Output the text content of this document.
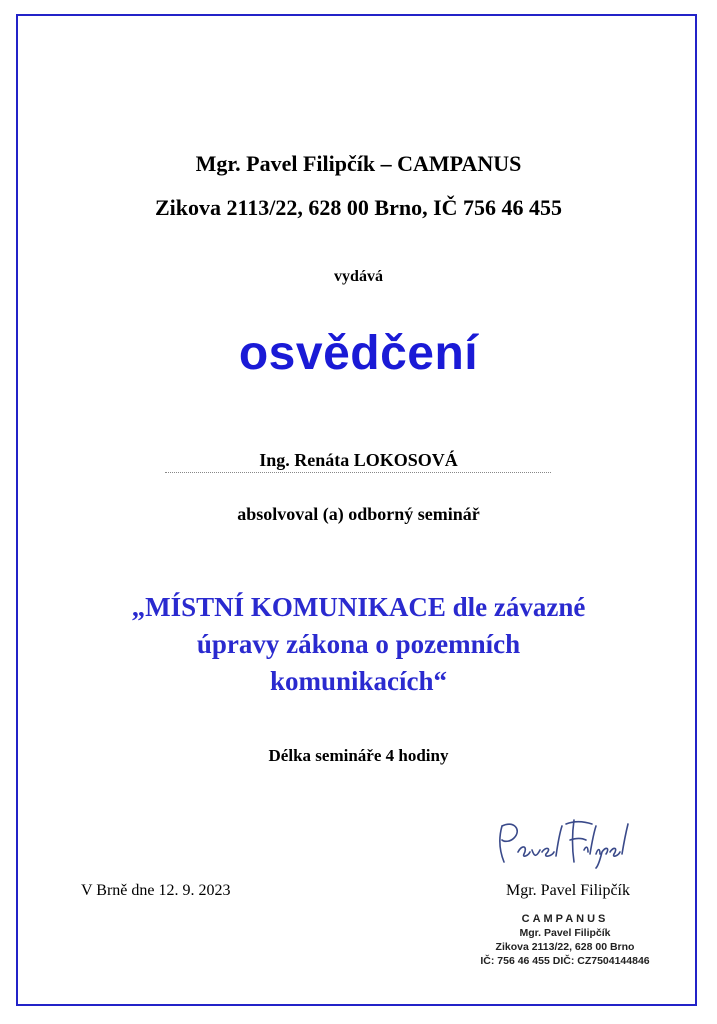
Mgr. Pavel Filipčík – CAMPANUS
Zikova 2113/22, 628 00 Brno, IČ 756 46 455
vydává
osvědčení
Ing. Renáta LOKOSOVÁ
absolvoval (a) odborný seminář
„MÍSTNÍ KOMUNIKACE dle závazné
úpravy zákona o pozemních
komunikacích“
Délka semináře 4 hodiny
V Brně dne 12. 9. 2023	Mgr. Pavel Filipčík
CAMPANUS
Mgr. Pavel Filipčík
Zikova 2113/22, 628 00 Brno
IČ: 756 46 455 DIČ: CZ7504144846
